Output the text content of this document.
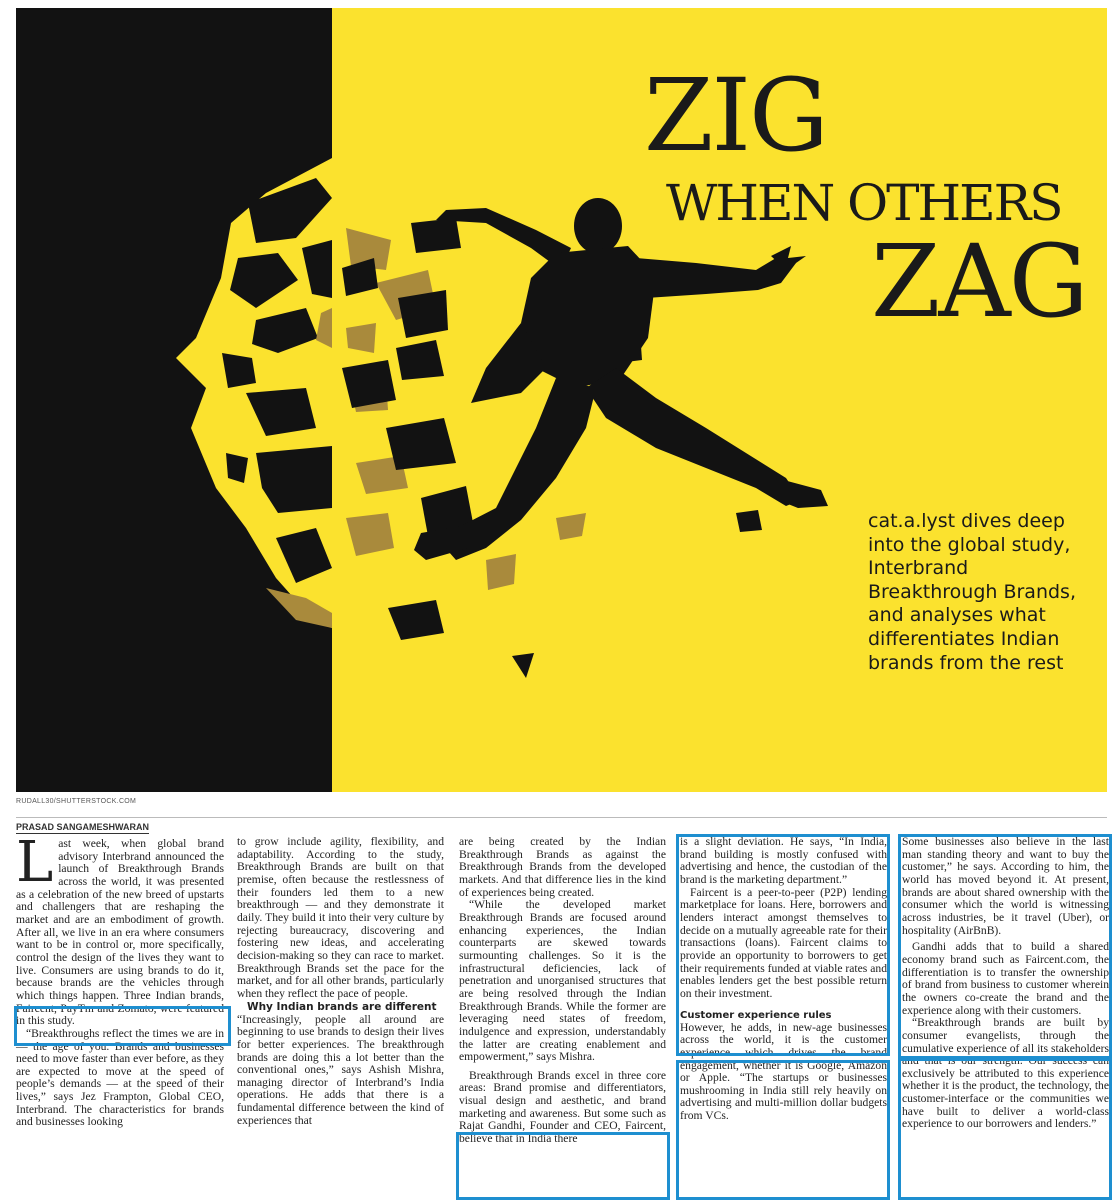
ZIG
WHEN OTHERS
ZAG

cat.a.lyst dives deep into the global study, Interbrand Breakthrough Brands, and analyses what differentiates Indian brands from the rest

RUDALL30/SHUTTERSTOCK.COM
PRASAD SANGAMESHWARAN

Last week, when global brand advisory Interbrand announced the launch of Breakthrough Brands across the world, it was presented as a celebration of the new breed of upstarts and challengers that are reshaping the market and are an embodiment of growth. After all, we live in an era where consumers want to be in control or, more specifically, control the design of the lives they want to live. Consumers are using brands to do it, because brands are the vehicles through which things happen. Three Indian brands, Faircent, PayTm and Zomato, were featured in this study.

“Breakthroughs reflect the times we are in — the age of you. Brands and businesses need to move faster than ever before, as they are expected to move at the speed of people’s demands — at the speed of their lives,” says Jez Frampton, Global CEO, Interbrand. The characteristics for brands and businesses looking

to grow include agility, flexibility, and adaptability. According to the study, Breakthrough Brands are built on that premise, often because the restlessness of their founders led them to a new breakthrough — and they demonstrate it daily. They build it into their very culture by rejecting bureaucracy, discovering and fostering new ideas, and accelerating decision-making so they can race to market. Breakthrough Brands set the pace for the market, and for all other brands, particularly when they reflect the pace of people.

Why Indian brands are different

“Increasingly, people all around are beginning to use brands to design their lives for better experiences. The breakthrough brands are doing this a lot better than the conventional ones,” says Ashish Mishra, managing director of Interbrand’s India operations. He adds that there is a fundamental difference between the kind of experiences that

are being created by the Indian Breakthrough Brands as against the Breakthrough Brands from the developed markets. And that difference lies in the kind of experiences being created.

“While the developed market Breakthrough Brands are focused around enhancing experiences, the Indian counterparts are skewed towards surmounting challenges. So it is the infrastructural deficiencies, lack of penetration and unorganised structures that are being resolved through the Indian Breakthrough Brands. While the former are leveraging need states of freedom, indulgence and expression, understandably the latter are creating enablement and empowerment,” says Mishra.

Breakthrough Brands excel in three core areas: Brand promise and differentiators, visual design and aesthetic, and brand marketing and awareness. But some such as Rajat Gandhi, Founder and CEO, Faircent, believe that in India there

is a slight deviation. He says, “In India, brand building is mostly confused with advertising and hence, the custodian of the brand is the marketing department.”

Faircent is a peer-to-peer (P2P) lending marketplace for loans. Here, borrowers and lenders interact amongst themselves to decide on a mutually agreeable rate for their transactions (loans). Faircent claims to provide an opportunity to borrowers to get their requirements funded at viable rates and enables lenders get the best possible return on their investment.

Customer experience rules
However, he adds, in new-age businesses across the world, it is the customer experience which drives the brand engagement, whether it is Google, Amazon or Apple. “The startups or businesses mushrooming in India still rely heavily on advertising and multi-million dollar budgets from VCs.

Some businesses also believe in the last man standing theory and want to buy the customer,” he says. According to him, the world has moved beyond it. At present, brands are about shared ownership with the consumer which the world is witnessing across industries, be it travel (Uber), or hospitality (AirBnB).

Gandhi adds that to build a shared economy brand such as Faircent.com, the differentiation is to transfer the ownership of brand from business to customer wherein the owners co-create the brand and the experience along with their customers.

“Breakthrough brands are built by consumer evangelists, through the cumulative experience of all its stakeholders and that is our strength. Our success can exclusively be attributed to this experience whether it is the product, the technology, the customer-interface or the communities we have built to deliver a world-class experience to our borrowers and lenders.”
